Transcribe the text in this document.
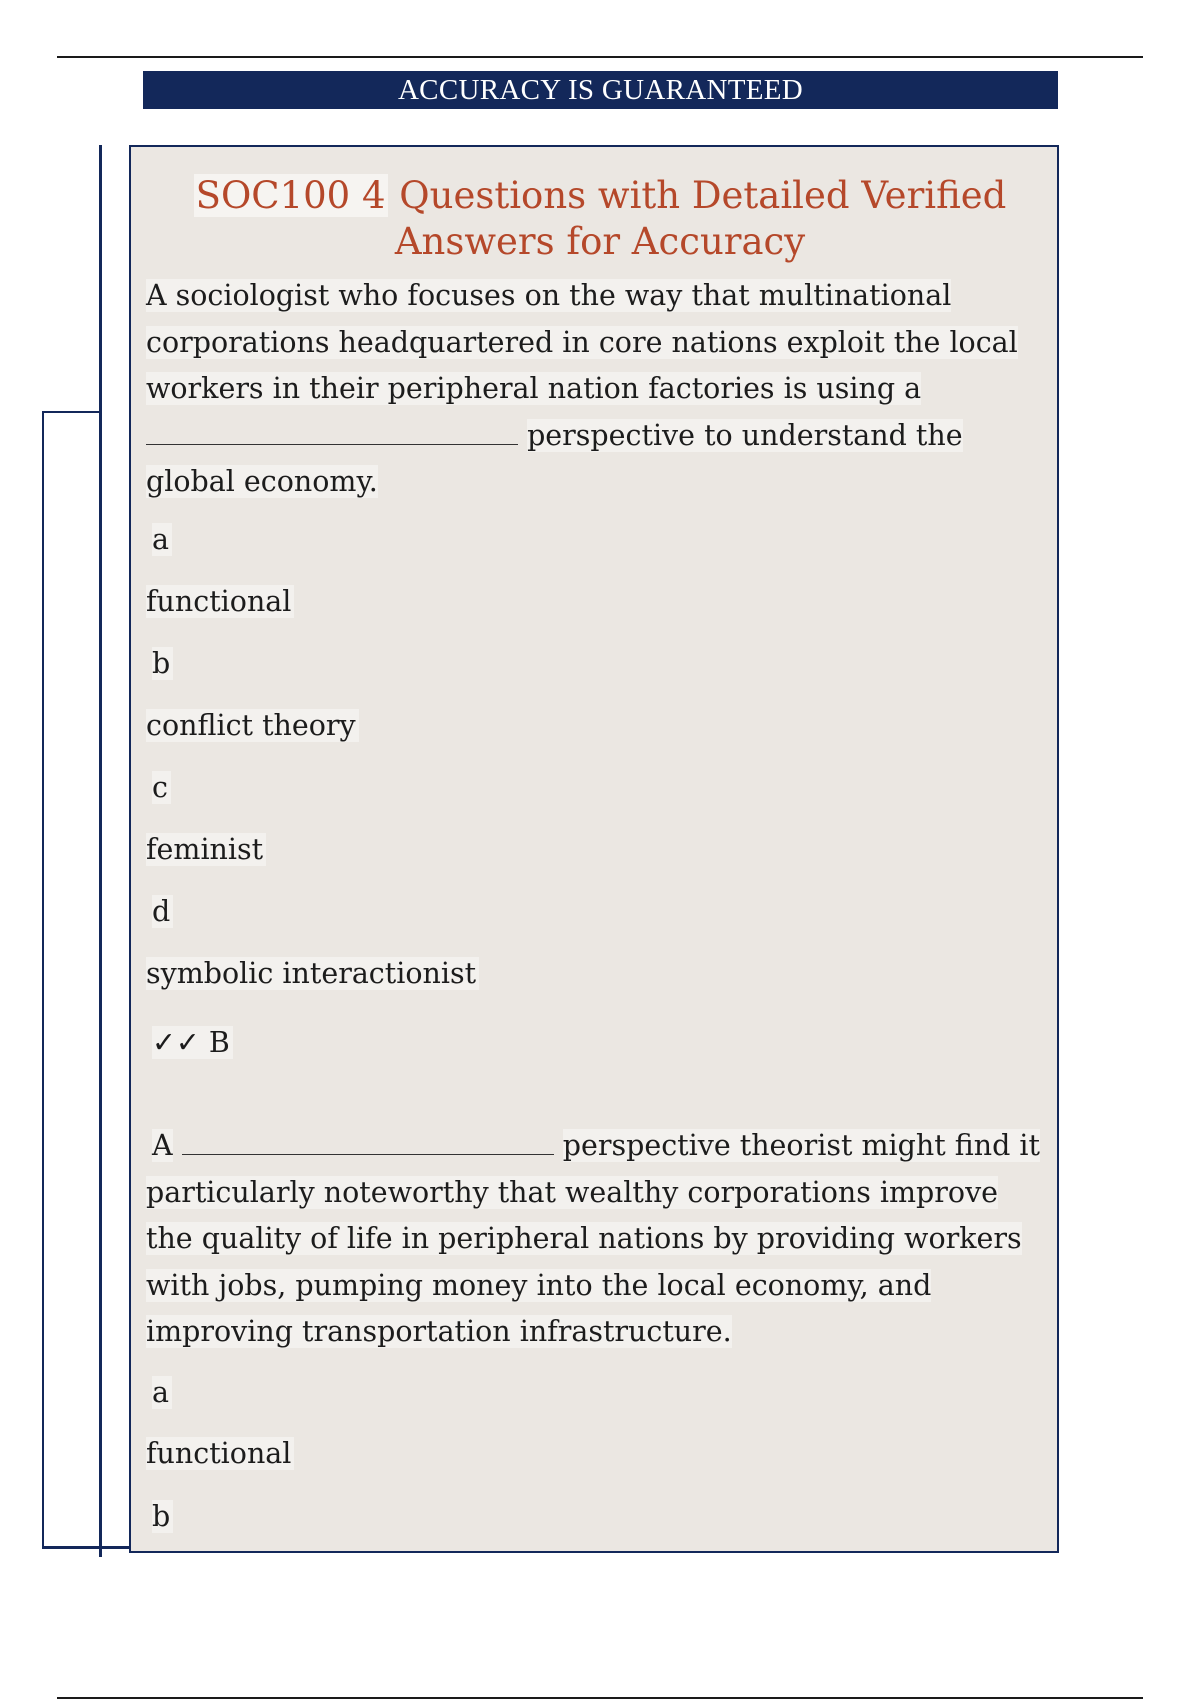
ACCURACY IS GUARANTEED
SOC100 4 Questions with Detailed Verified
Answers for Accuracy

A sociologist who focuses on the way that multinational corporations headquartered in core nations exploit the local workers in their peripheral nation factories is using a  perspective to understand the global economy.

a
functional
b
conflict theory
c
feminist
d
symbolic interactionist
✓✓ B

A	perspective theorist might find it particularly noteworthy that wealthy corporations improve the quality of life in peripheral nations by providing workers with jobs, pumping money into the local economy, and improving transportation infrastructure.

a
functional
b
